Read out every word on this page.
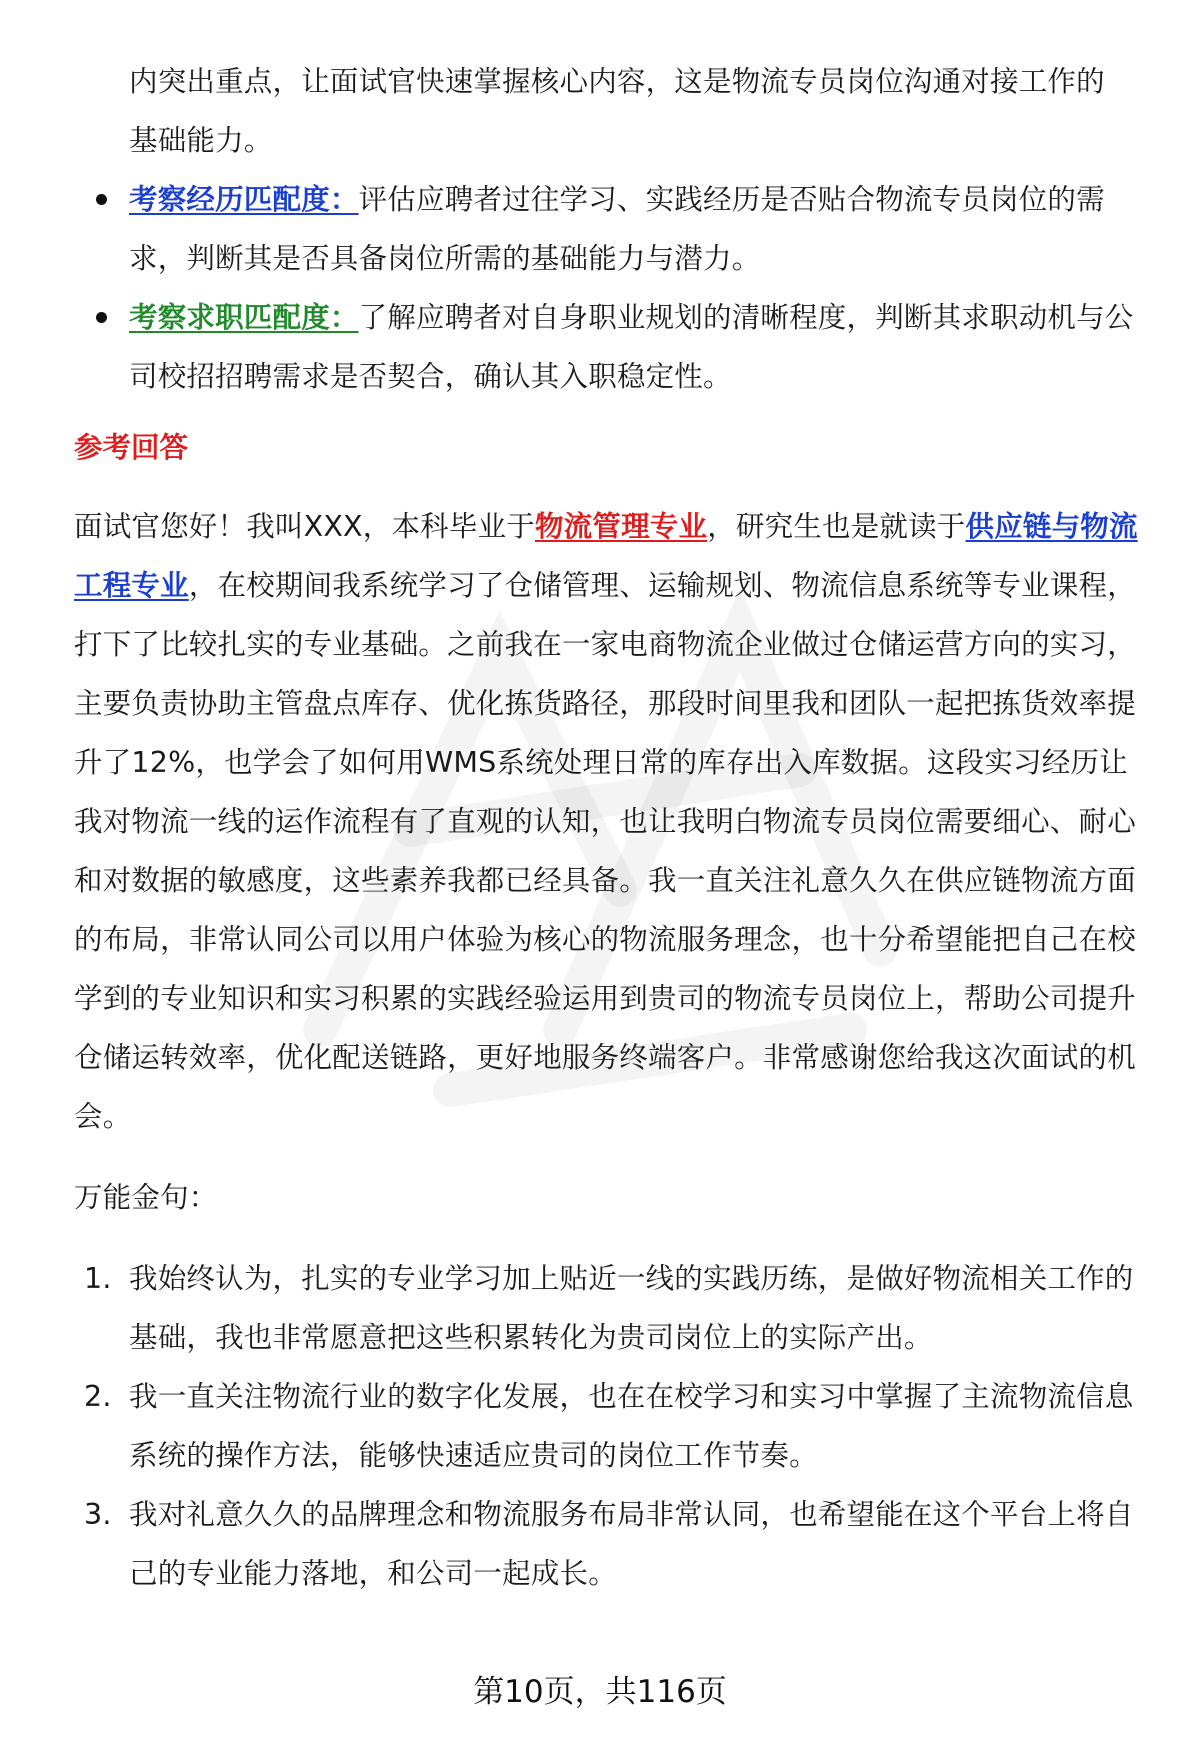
内突出重点，让面试官快速掌握核心内容，这是物流专员岗位沟通对接工作的

基础能力。

考察经历匹配度：评估应聘者过往学习、实践经历是否贴合物流专员岗位的需求，判断其是否具备岗位所需的基础能力与潜力。
考察求职匹配度：了解应聘者对自身职业规划的清晰程度，判断其求职动机与公司校招招聘需求是否契合，确认其入职稳定性。
参考回答

面试官您好！我叫XXX，本科毕业于物流管理专业，研究生也是就读于供应链与物流工程专业，在校期间我系统学习了仓储管理、运输规划、物流信息系统等专业课程，打下了比较扎实的专业基础。之前我在一家电商物流企业做过仓储运营方向的实习，主要负责协助主管盘点库存、优化拣货路径，那段时间里我和团队一起把拣货效率提升了12%，也学会了如何用WMS系统处理日常的库存出入库数据。这段实习经历让我对物流一线的运作流程有了直观的认知，也让我明白物流专员岗位需要细心、耐心和对数据的敏感度，这些素养我都已经具备。我一直关注礼意久久在供应链物流方面的布局，非常认同公司以用户体验为核心的物流服务理念，也十分希望能把自己在校学到的专业知识和实习积累的实践经验运用到贵司的物流专员岗位上，帮助公司提升仓储运转效率，优化配送链路，更好地服务终端客户。非常感谢您给我这次面试的机会。

万能金句：

1. 我始终认为，扎实的专业学习加上贴近一线的实践历练，是做好物流相关工作的基础，我也非常愿意把这些积累转化为贵司岗位上的实际产出。
2. 我一直关注物流行业的数字化发展，也在在校学习和实习中掌握了主流物流信息系统的操作方法，能够快速适应贵司的岗位工作节奏。
3. 我对礼意久久的品牌理念和物流服务布局非常认同，也希望能在这个平台上将自己的专业能力落地，和公司一起成长。
第10页，共116页
